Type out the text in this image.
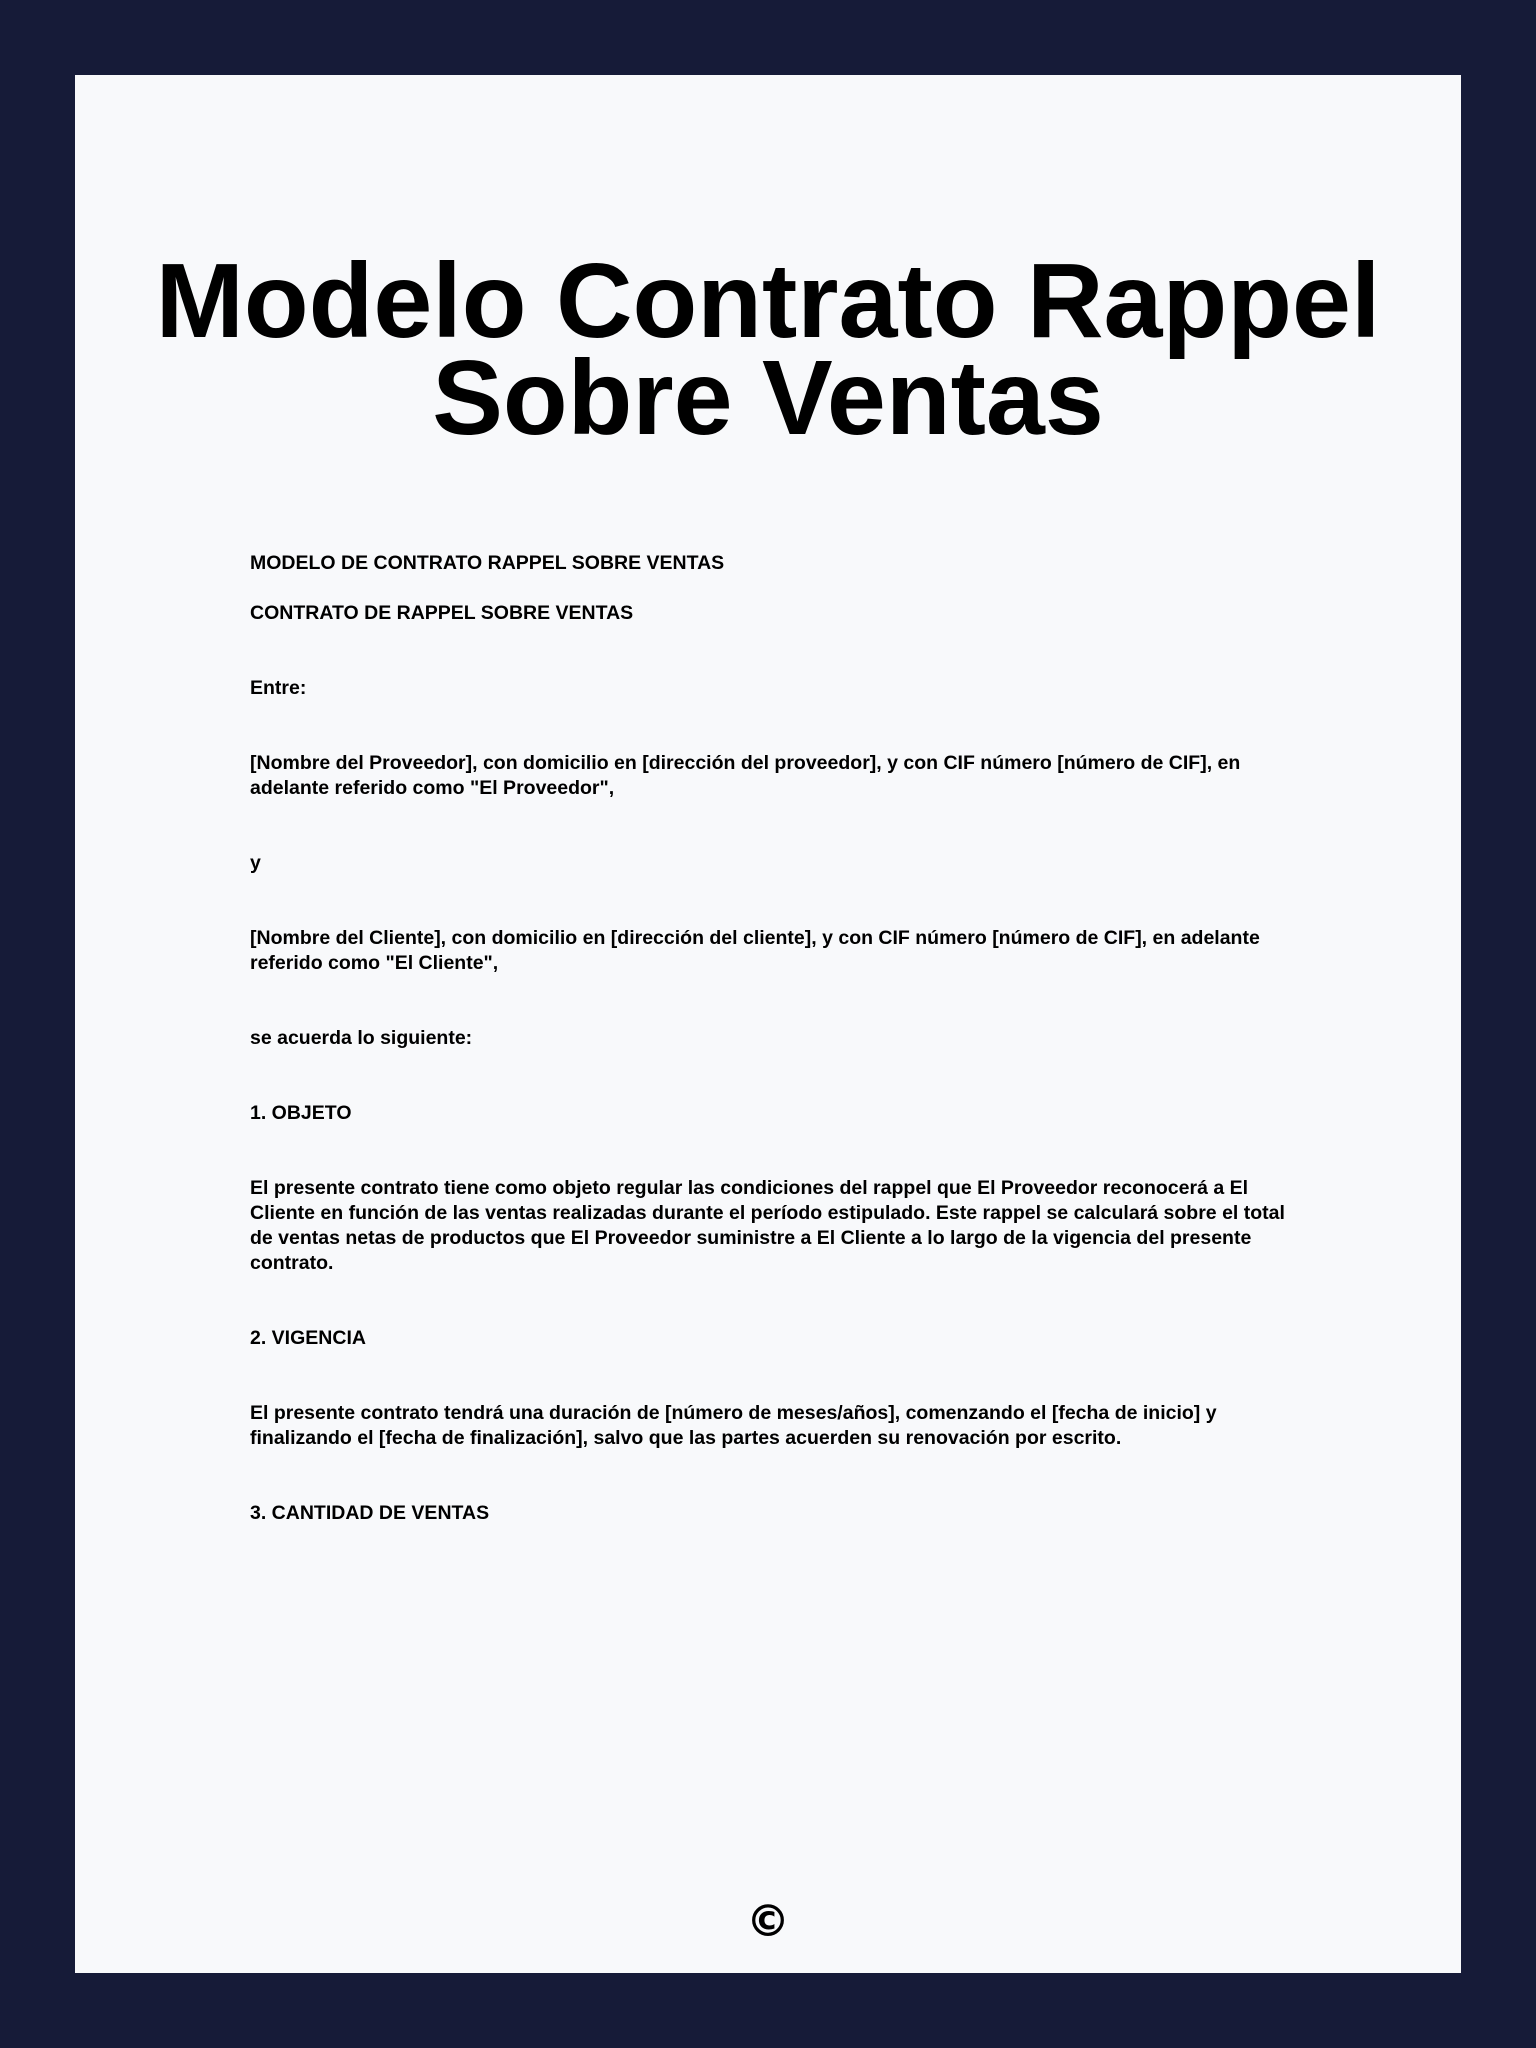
Modelo Contrato Rappel
Sobre Ventas

MODELO DE CONTRATO RAPPEL SOBRE VENTAS

CONTRATO DE RAPPEL SOBRE VENTAS

Entre:

[Nombre del Proveedor], con domicilio en [dirección del proveedor], y con CIF número [número de CIF], en adelante referido como "El Proveedor",

y

[Nombre del Cliente], con domicilio en [dirección del cliente], y con CIF número [número de CIF], en adelante referido como "El Cliente",

se acuerda lo siguiente:

1. OBJETO

El presente contrato tiene como objeto regular las condiciones del rappel que El Proveedor reconocerá a El Cliente en función de las ventas realizadas durante el período estipulado. Este rappel se calculará sobre el total de ventas netas de productos que El Proveedor suministre a El Cliente a lo largo de la vigencia del presente contrato.

2. VIGENCIA

El presente contrato tendrá una duración de [número de meses/años], comenzando el [fecha de inicio] y finalizando el [fecha de finalización], salvo que las partes acuerden su renovación por escrito.

3. CANTIDAD DE VENTAS

©
